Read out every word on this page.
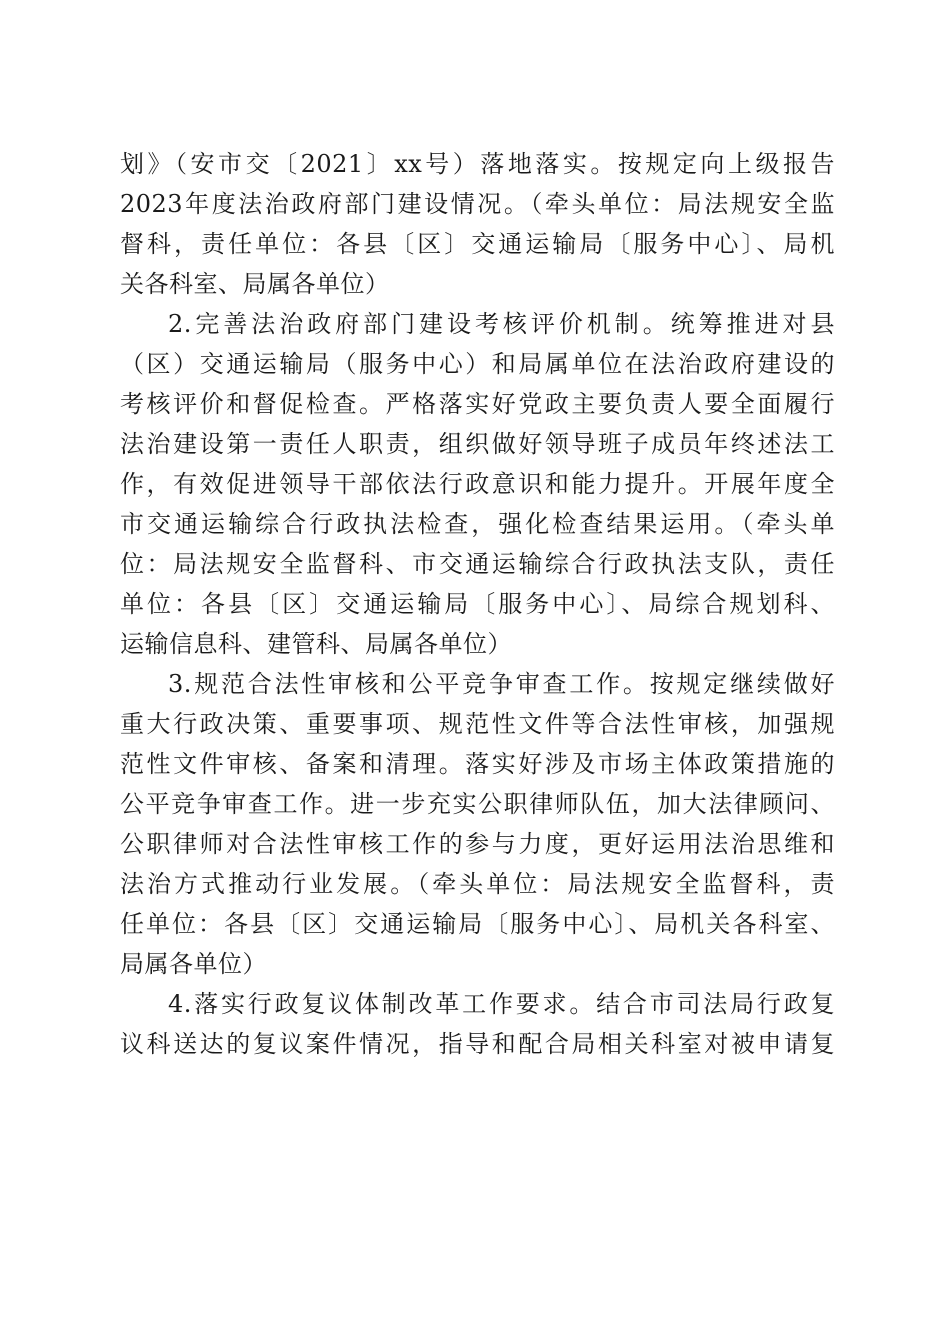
划》（安市交〔2021〕xx号）落地落实。按规定向上级报告
2023年度法治政府部门建设情况。（牵头单位：局法规安全监
督科，责任单位：各县〔区〕交通运输局〔服务中心〕、局机
关各科室、局属各单位）
2.完善法治政府部门建设考核评价机制。统筹推进对县
（区）交通运输局（服务中心）和局属单位在法治政府建设的
考核评价和督促检查。严格落实好党政主要负责人要全面履行
法治建设第一责任人职责，组织做好领导班子成员年终述法工
作，有效促进领导干部依法行政意识和能力提升。开展年度全
市交通运输综合行政执法检查，强化检查结果运用。（牵头单
位：局法规安全监督科、市交通运输综合行政执法支队，责任
单位：各县〔区〕交通运输局〔服务中心〕、局综合规划科、
运输信息科、建管科、局属各单位）
3.规范合法性审核和公平竞争审查工作。按规定继续做好
重大行政决策、重要事项、规范性文件等合法性审核，加强规
范性文件审核、备案和清理。落实好涉及市场主体政策措施的
公平竞争审查工作。进一步充实公职律师队伍，加大法律顾问、
公职律师对合法性审核工作的参与力度，更好运用法治思维和
法治方式推动行业发展。（牵头单位：局法规安全监督科，责
任单位：各县〔区〕交通运输局〔服务中心〕、局机关各科室、
局属各单位）
4.落实行政复议体制改革工作要求。结合市司法局行政复
议科送达的复议案件情况，指导和配合局相关科室对被申请复
